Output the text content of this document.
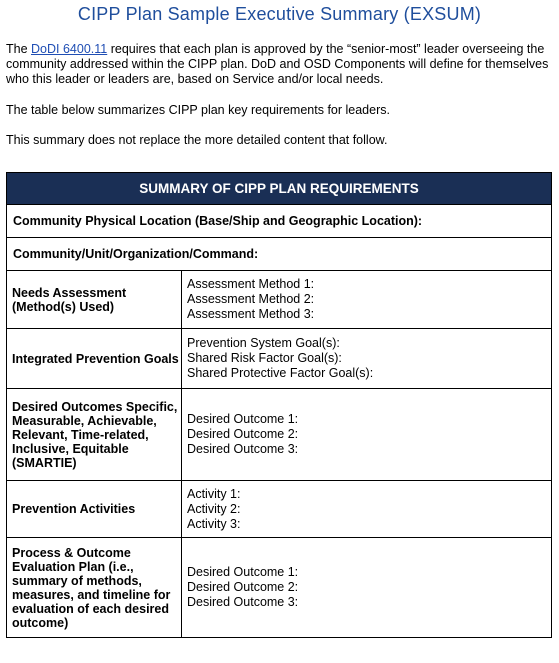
CIPP Plan Sample Executive Summary (EXSUM)
The DoDI 6400.11 requires that each plan is approved by the “senior-most” leader overseeing the community addressed within the CIPP plan. DoD and OSD Components will define for themselves who this leader or leaders are, based on Service and/or local needs.
The table below summarizes CIPP plan key requirements for leaders.
This summary does not replace the more detailed content that follow.
SUMMARY OF CIPP PLAN REQUIREMENTS	
Community Physical Location (Base/Ship and Geographic Location):	
Community/Unit/Organization/Command:	
Needs Assessment (Method(s) Used)	Assessment Method 1:
Assessment Method 2:
Assessment Method 3:

Integrated Prevention Goals	Prevention System Goal(s):
Shared Risk Factor Goal(s):
Shared Protective Factor Goal(s):

Desired Outcomes Specific, Measurable, Achievable, Relevant, Time-related, Inclusive, Equitable (SMARTIE)	Desired Outcome 1:
Desired Outcome 2:
Desired Outcome 3:

Prevention Activities	Activity 1:
Activity 2:
Activity 3:

Process & Outcome Evaluation Plan (i.e., summary of methods, measures, and timeline for evaluation of each desired outcome)	Desired Outcome 1:
Desired Outcome 2:
Desired Outcome 3:
